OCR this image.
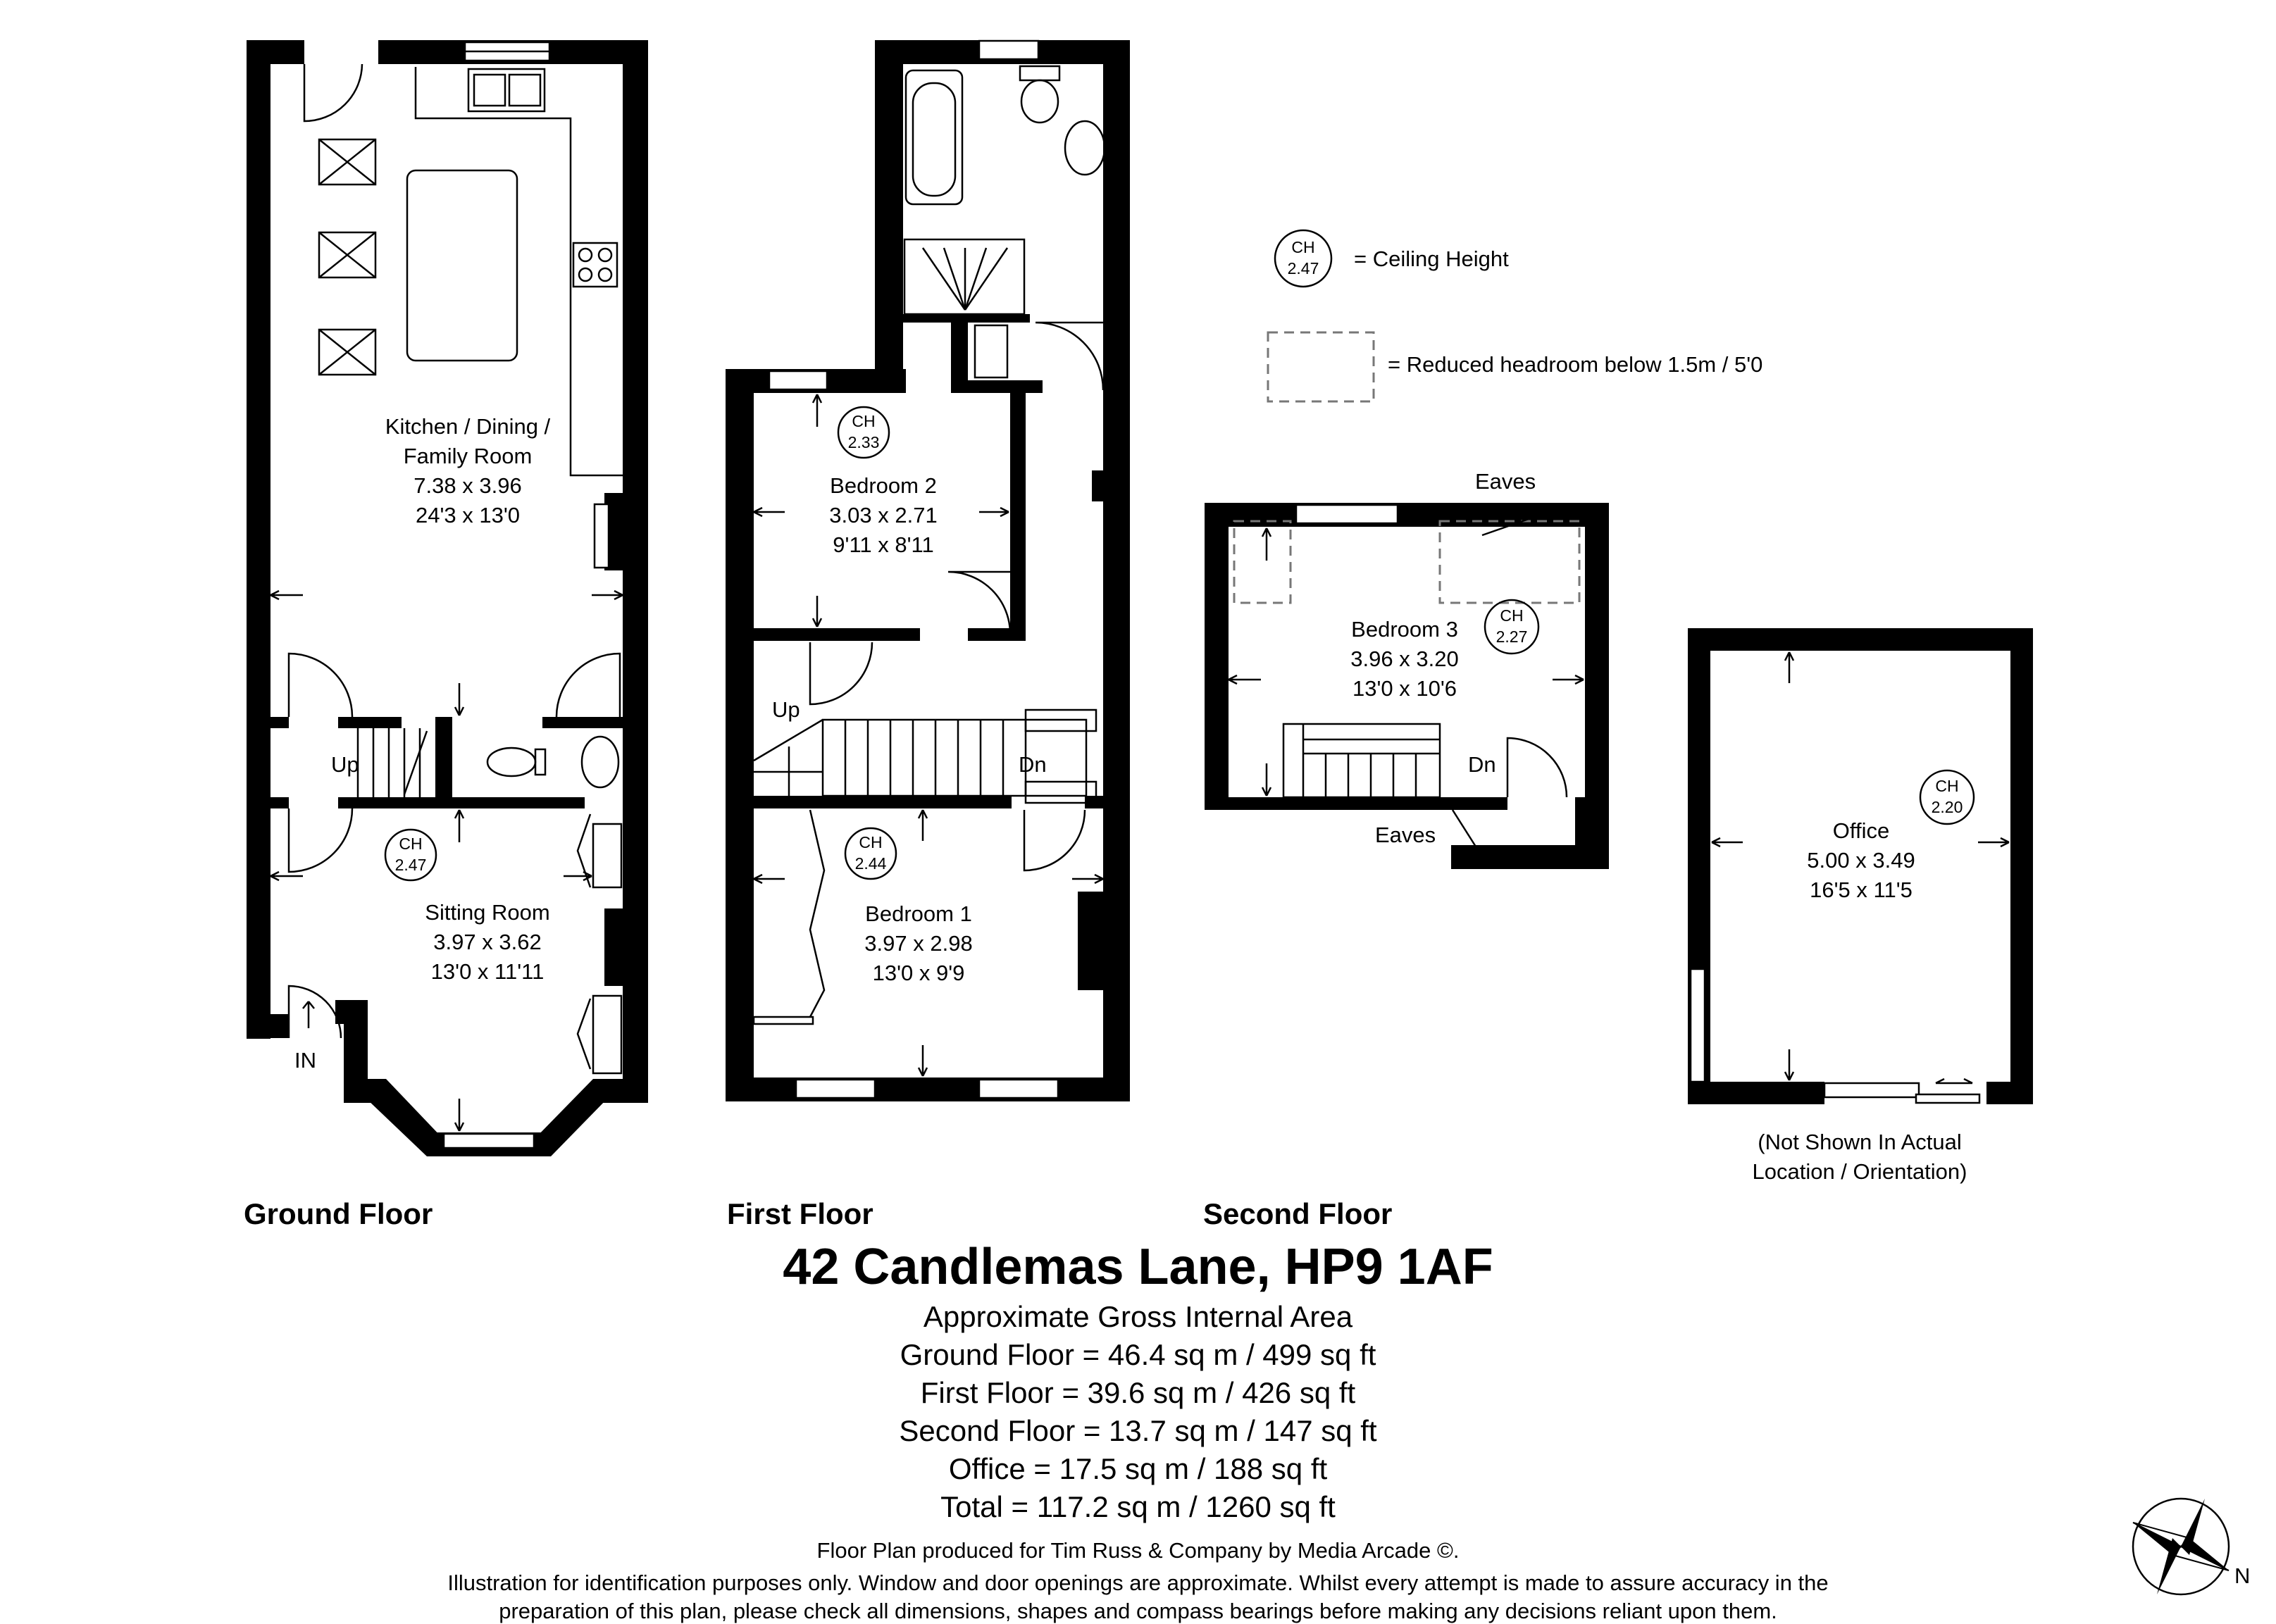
CH
2.47
Kitchen / Dining /
Family Room
7.38 x 3.96
24'3 x 13'0
Sitting Room
3.97 x 3.62
13'0 x 11'11
Up
IN
Ground Floor
CH
2.33
CH
2.44
Bedroom 2
3.03 x 2.71
9'11 x 8'11
Bedroom 1
3.97 x 2.98
13'0 x 9'9
Up
Dn
First Floor
CH
2.47 = Ceiling Height
= Reduced headroom below 1.5m / 5'0
CH
2.27
Bedroom 3
3.96 x 3.20
13'0 x 10'6
Dn
Eaves
Eaves
Second Floor
CH
2.20
Office
5.00 x 3.49
16'5 x 11'5
(Not Shown In Actual
Location / Orientation)
N
42 Candlemas Lane, HP9 1AF
Approximate Gross Internal Area
Ground Floor = 46.4 sq m / 499 sq ft
First Floor = 39.6 sq m / 426 sq ft
Second Floor = 13.7 sq m / 147 sq ft
Office = 17.5 sq m / 188 sq ft
Total = 117.2 sq m / 1260 sq ft
Floor Plan produced for Tim Russ & Company by Media Arcade ©.
Illustration for identification purposes only. Window and door openings are approximate. Whilst every attempt is made to assure accuracy in the
preparation of this plan, please check all dimensions, shapes and compass bearings before making any decisions reliant upon them.
